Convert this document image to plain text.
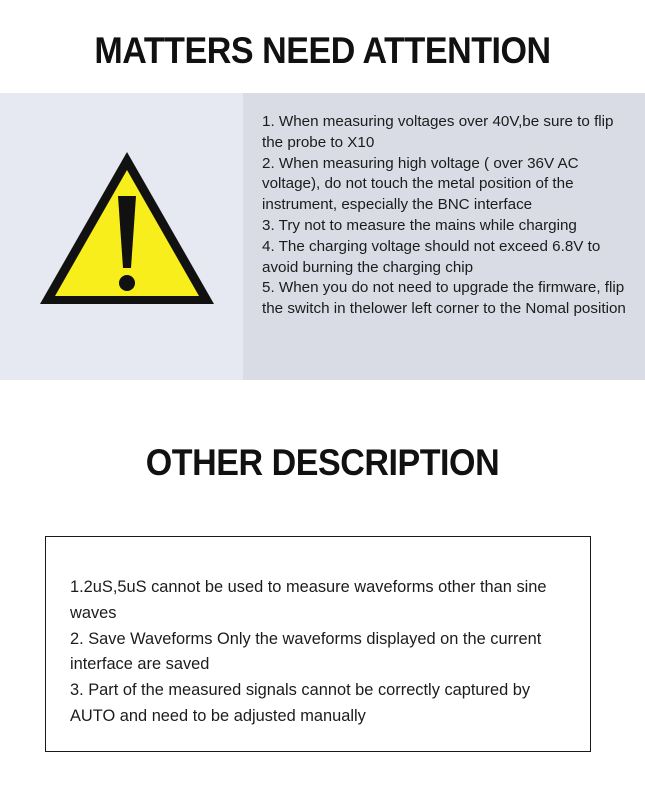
MATTERS NEED ATTENTION
1. When measuring voltages over 40V,be sure to flip the probe to X10
2. When measuring high voltage ( over 36V AC voltage), do not touch the metal position of the instrument, especially the BNC interface
3. Try not to measure the mains while charging
4. The charging voltage should not exceed 6.8V to avoid burning the charging chip
5. When you do not need to upgrade the firmware, flip the switch in thelower left corner to the Nomal position
OTHER DESCRIPTION
1.2uS,5uS cannot be used to measure waveforms other than sine waves
2. Save Waveforms Only the waveforms displayed on the current interface are saved
3. Part of the measured signals cannot be correctly captured by AUTO and need to be adjusted manually
